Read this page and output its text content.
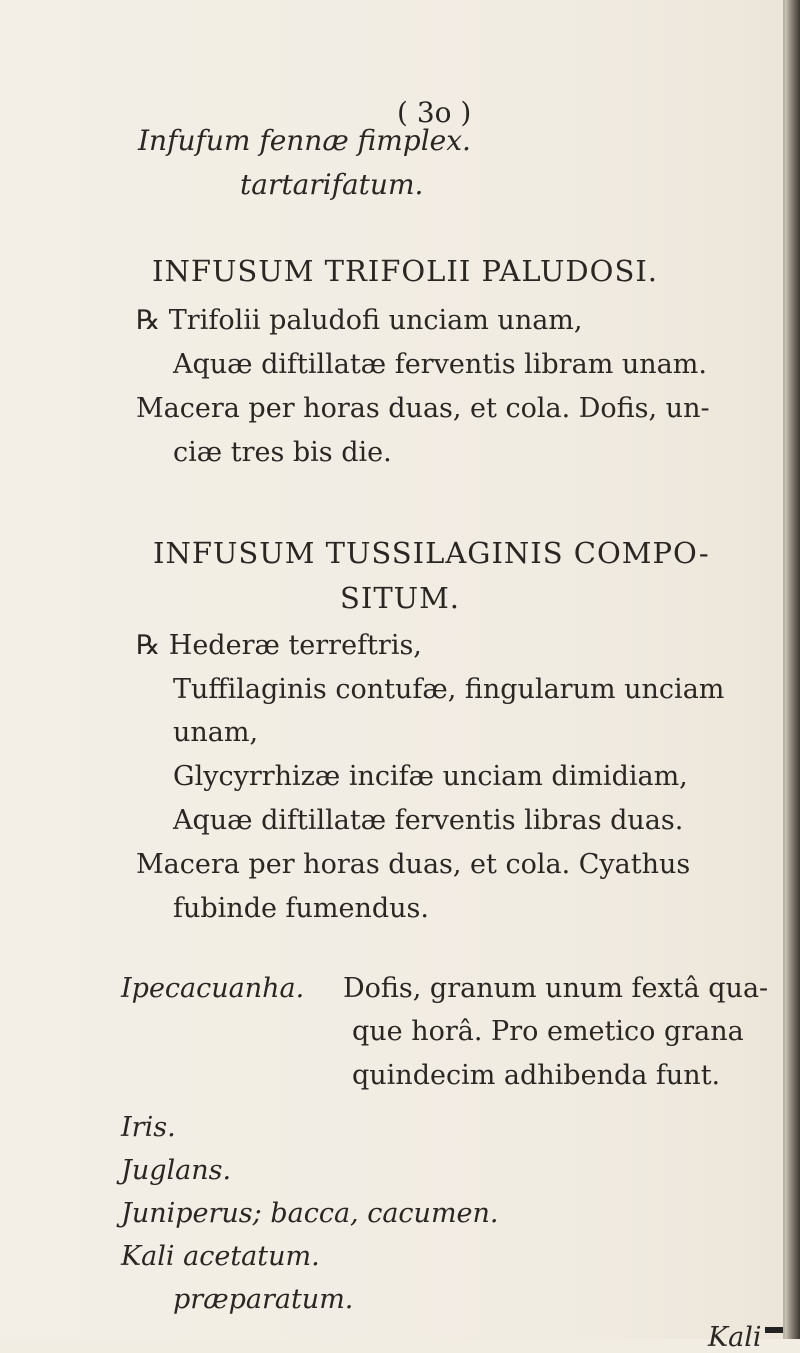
( 3o )
Infufum fennæ fimplex.
tartarifatum.
INFUSUM TRIFOLII PALUDOSI.
℞ Trifolii paludofi unciam unam,
Aquæ diftillatæ ferventis libram unam.
Macera per horas duas, et cola. Dofis, un-
ciæ tres bis die.
INFUSUM TUSSILAGINIS COMPO-
SITUM.
℞ Hederæ terreftris,
Tuffilaginis contufæ, fingularum unciam
unam,
Glycyrrhizæ incifæ unciam dimidiam,
Aquæ diftillatæ ferventis libras duas.
Macera per horas duas, et cola. Cyathus
fubinde fumendus.
Ipecacuanha. Dofis, granum unum fextâ qua-
que horâ. Pro emetico grana
quindecim adhibenda funt.
Iris.
Juglans.
Juniperus; bacca, cacumen.
Kali acetatum.
præparatum.
Kali
